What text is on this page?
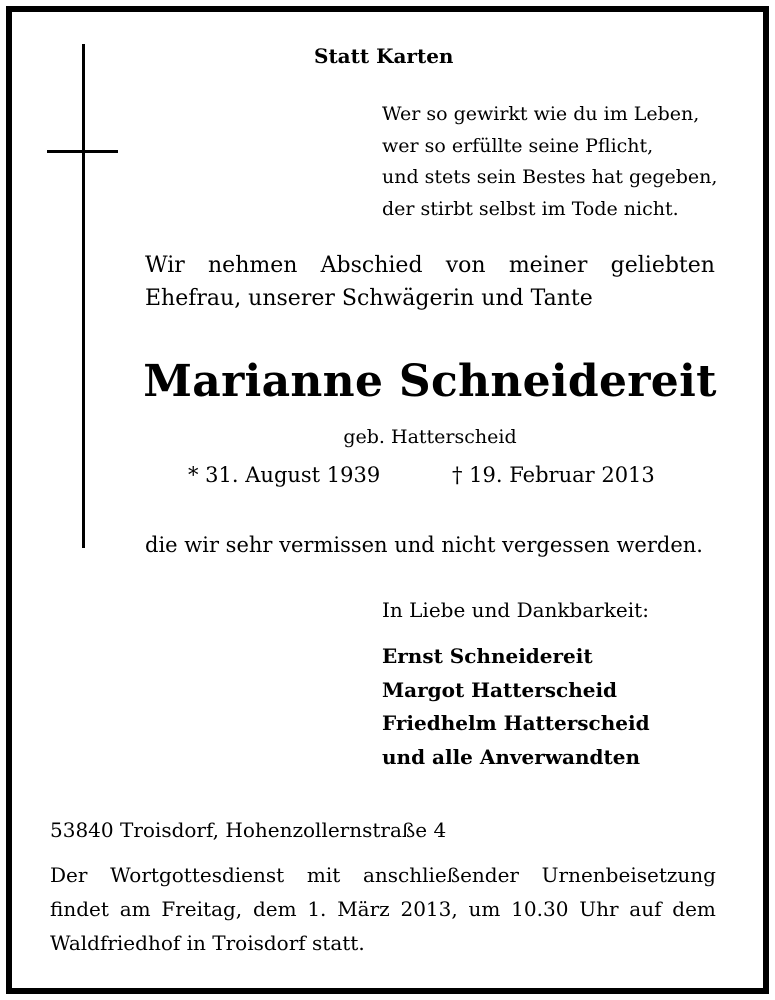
Statt Karten
Wer so gewirkt wie du im Leben,
wer so erfüllte seine Pflicht,
und stets sein Bestes hat gegeben,
der stirbt selbst im Tode nicht.
Wir nehmen Abschied von meiner geliebten
Ehefrau, unserer Schwägerin und Tante
Marianne Schneidereit
geb. Hatterscheid
* 31. August 1939	† 19. Februar 2013
die wir sehr vermissen und nicht vergessen werden.
In Liebe und Dankbarkeit:
Ernst Schneidereit
Margot Hatterscheid
Friedhelm Hatterscheid
und alle Anverwandten
53840 Troisdorf, Hohenzollernstraße 4
Der Wortgottesdienst mit anschließender Urnenbeisetzung
findet am Freitag, dem 1. März 2013, um 10.30 Uhr auf dem
Waldfriedhof in Troisdorf statt.
